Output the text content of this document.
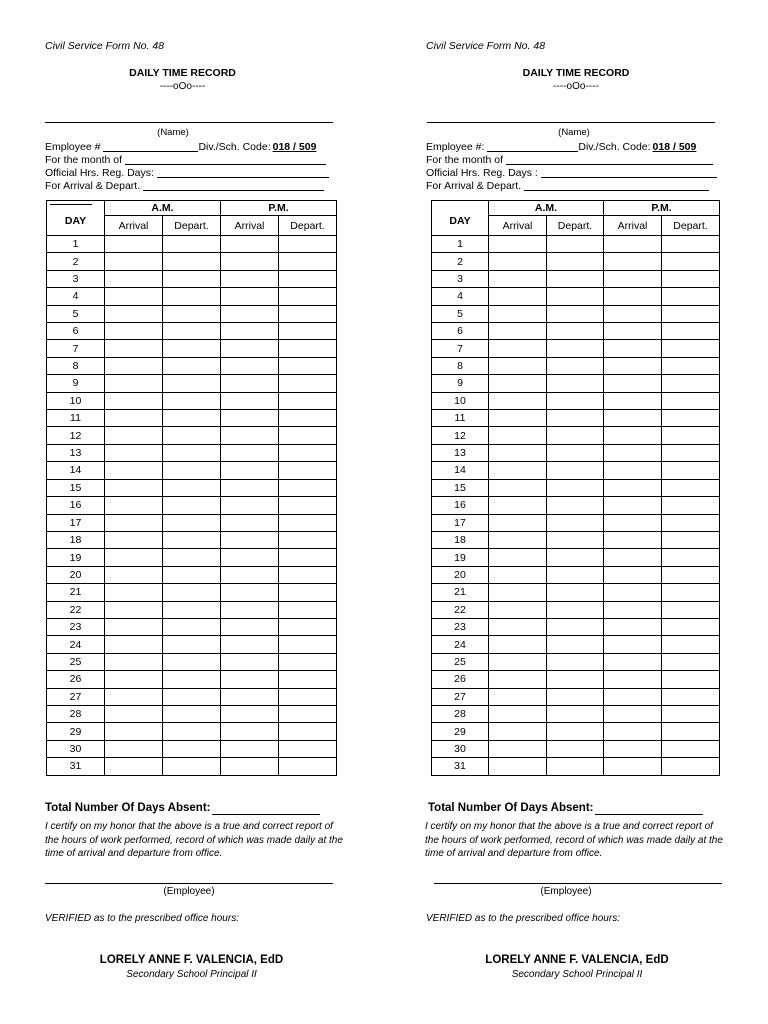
Civil Service Form No. 48
DAILY TIME RECORD
----oOo----
(Name)
Employee #	Div./Sch. Code: 018 / 509
For the month of
Official Hrs. Reg. Days:
For Arrival & Depart.
DAY	A.M.		P.M.	
	Arrival	Depart.	Arrival	Depart.
1				
2				
3				
4				
5				
6				
7				
8				
9				
10				
11				
12				
13				
14				
15				
16				
17				
18				
19				
20				
21				
22				
23				
24				
25				
26				
27				
28				
29				
30				
31				
Total Number Of Days Absent:
I certify on my honor that the above is a true and correct report of the hours of work performed, record of which was made daily at the time of arrival and departure from office.
(Employee)
VERIFIED as to the prescribed office hours:
LORELY ANNE F. VALENCIA, EdD
Secondary School Principal II
Civil Service Form No. 48
DAILY TIME RECORD
----oOo----
(Name)
Employee #:	Div./Sch. Code: 018 / 509
For the month of
Official Hrs. Reg. Days :
For Arrival & Depart.
DAY	A.M.		P.M.	
	Arrival	Depart.	Arrival	Depart.
1				
2				
3				
4				
5				
6				
7				
8				
9				
10				
11				
12				
13				
14				
15				
16				
17				
18				
19				
20				
21				
22				
23				
24				
25				
26				
27				
28				
29				
30				
31				
Total Number Of Days Absent:
I certify on my honor that the above is a true and correct report of the hours of work performed, record of which was made daily at the time of arrival and departure from office.
(Employee)
VERIFIED as to the prescribed office hours:
LORELY ANNE F. VALENCIA, EdD
Secondary School Principal II
